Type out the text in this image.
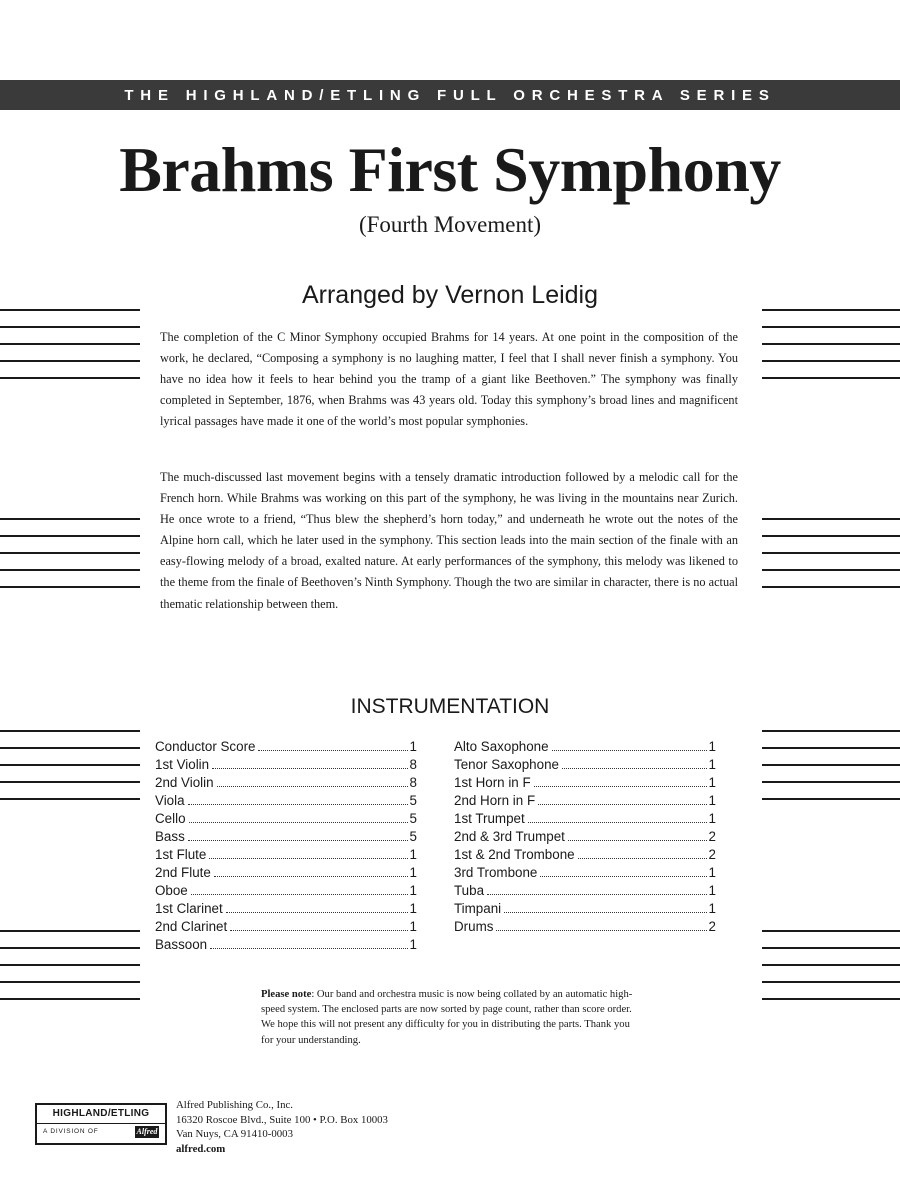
THE HIGHLAND/ETLING FULL ORCHESTRA SERIES
Brahms First Symphony
(Fourth Movement)
Arranged by Vernon Leidig

The completion of the C Minor Symphony occupied Brahms for 14 years. At one point in the composition of the work, he declared, “Composing a symphony is no laughing matter, I feel that I shall never finish a symphony. You have no idea how it feels to hear behind you the tramp of a giant like Beethoven.” The symphony was finally completed in September, 1876, when Brahms was 43 years old. Today this symphony’s broad lines and magnificent lyrical passages have made it one of the world’s most popular symphonies.

The much-discussed last movement begins with a tensely dramatic introduction followed by a melodic call for the French horn. While Brahms was working on this part of the symphony, he was living in the mountains near Zurich. He once wrote to a friend, “Thus blew the shepherd’s horn today,” and underneath he wrote out the notes of the Alpine horn call, which he later used in the symphony. This section leads into the main section of the finale with an easy-flowing melody of a broad, exalted nature. At early performances of the symphony, this melody was likened to the theme from the finale of Beethoven’s Ninth Symphony. Though the two are similar in character, there is no actual thematic relationship between them.

INSTRUMENTATION
Conductor Score	1
1st Violin	8
2nd Violin	8
Viola	5
Cello	5
Bass	5
1st Flute	1
2nd Flute	1
Oboe	1
1st Clarinet	1
2nd Clarinet	1
Bassoon	1
Alto Saxophone	1
Tenor Saxophone	1
1st Horn in F	1
2nd Horn in F	1
1st Trumpet	1
2nd & 3rd Trumpet	2
1st & 2nd Trombone	2
3rd Trombone	1
Tuba	1
Timpani	1
Drums	2

Please note: Our band and orchestra music is now being collated by an automatic high-speed system. The enclosed parts are now sorted by page count, rather than score order. We hope this will not present any difficulty for you in distributing the parts. Thank you for your understanding.

HIGHLAND/ETLING
A DIVISION OF	Alfred
Alfred Publishing Co., Inc.
16320 Roscoe Blvd., Suite 100 • P.O. Box 10003
Van Nuys, CA 91410-0003
alfred.com
